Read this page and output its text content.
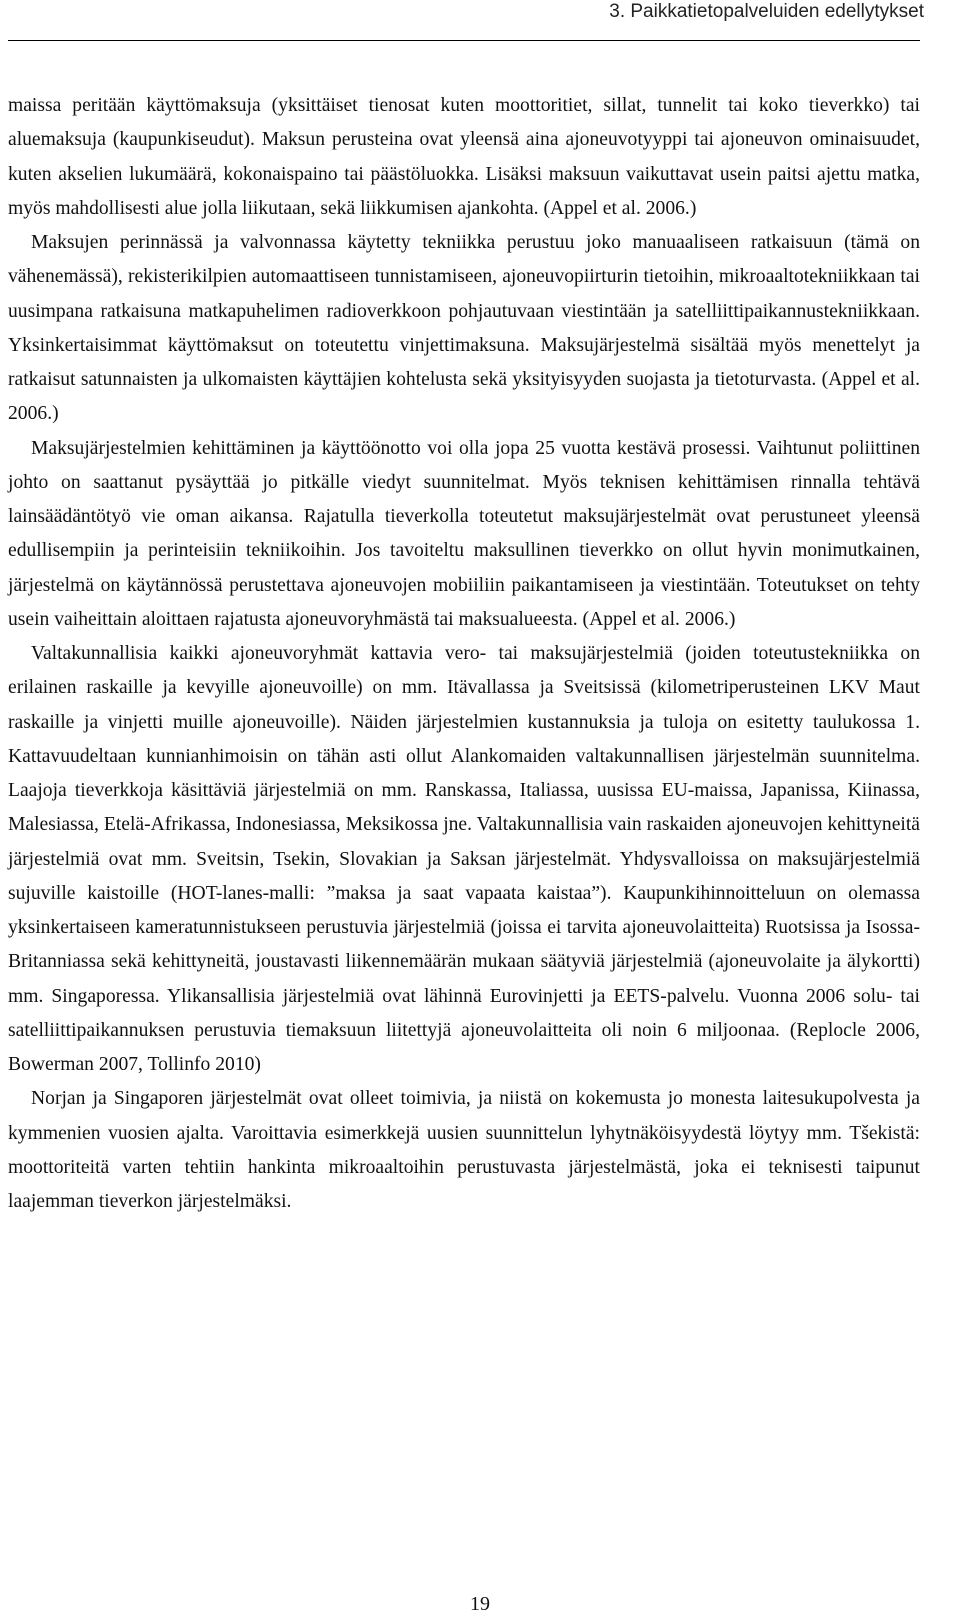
3. Paikkatietopalveluiden edellytykset

maissa peritään käyttömaksuja (yksittäiset tienosat kuten moottoritiet, sillat, tunnelit tai koko tieverkko) tai aluemaksuja (kaupunkiseudut). Maksun perusteina ovat yleensä aina ajoneuvotyyppi tai ajoneuvon ominaisuudet, kuten akselien lukumäärä, kokonaispaino tai päästöluokka. Lisäksi maksuun vaikuttavat usein paitsi ajettu matka, myös mahdollisesti alue jolla liikutaan, sekä liikkumisen ajankohta. (Appel et al. 2006.)

Maksujen perinnässä ja valvonnassa käytetty tekniikka perustuu joko manuaaliseen ratkaisuun (tämä on vähenemässä), rekisterikilpien automaattiseen tunnistamiseen, ajoneuvopiirturin tietoihin, mikroaaltotekniikkaan tai uusimpana ratkaisuna matkapuhelimen radioverkkoon pohjautuvaan viestintään ja satelliittipaikannustekniikkaan. Yksinkertaisimmat käyttömaksut on toteutettu vinjettimaksuna. Maksujärjestelmä sisältää myös menettelyt ja ratkaisut satunnaisten ja ulkomaisten käyttäjien kohtelusta sekä yksityisyyden suojasta ja tietoturvasta. (Appel et al. 2006.)

Maksujärjestelmien kehittäminen ja käyttöönotto voi olla jopa 25 vuotta kestävä prosessi. Vaihtunut poliittinen johto on saattanut pysäyttää jo pitkälle viedyt suunnitelmat. Myös teknisen kehittämisen rinnalla tehtävä lainsäädäntötyö vie oman aikansa. Rajatulla tieverkolla toteutetut maksujärjestelmät ovat perustuneet yleensä edullisempiin ja perinteisiin tekniikoihin. Jos tavoiteltu maksullinen tieverkko on ollut hyvin monimutkainen, järjestelmä on käytännössä perustettava ajoneuvojen mobiiliin paikantamiseen ja viestintään. Toteutukset on tehty usein vaiheittain aloittaen rajatusta ajoneuvoryhmästä tai maksualueesta. (Appel et al. 2006.)

Valtakunnallisia kaikki ajoneuvoryhmät kattavia vero- tai maksujärjestelmiä (joiden toteutustekniikka on erilainen raskaille ja kevyille ajoneuvoille) on mm. Itävallassa ja Sveitsissä (kilometriperusteinen LKV Maut raskaille ja vinjetti muille ajoneuvoille). Näiden järjestelmien kustannuksia ja tuloja on esitetty taulukossa 1. Kattavuudeltaan kunnianhimoisin on tähän asti ollut Alankomaiden valtakunnallisen järjestelmän suunnitelma. Laajoja tieverkkoja käsittäviä järjestelmiä on mm. Ranskassa, Italiassa, uusissa EU-maissa, Japanissa, Kiinassa, Malesiassa, Etelä-Afrikassa, Indonesiassa, Meksikossa jne. Valtakunnallisia vain raskaiden ajoneuvojen kehittyneitä järjestelmiä ovat mm. Sveitsin, Tsekin, Slovakian ja Saksan järjestelmät. Yhdysvalloissa on maksujärjestelmiä sujuville kaistoille (HOT-lanes-malli: ”maksa ja saat vapaata kaistaa”). Kaupunkihinnoitteluun on olemassa yksinkertaiseen kameratunnistukseen perustuvia järjestelmiä (joissa ei tarvita ajoneuvolaitteita) Ruotsissa ja Isossa-Britanniassa sekä kehittyneitä, joustavasti liikennemäärän mukaan säätyviä järjestelmiä (ajoneuvolaite ja älykortti) mm. Singaporessa. Ylikansallisia järjestelmiä ovat lähinnä Eurovinjetti ja EETS-palvelu. Vuonna 2006 solu- tai satelliittipaikannuksen perustuvia tiemaksuun liitettyjä ajoneuvolaitteita oli noin 6 miljoonaa. (Replocle 2006, Bowerman 2007, Tollinfo 2010)

Norjan ja Singaporen järjestelmät ovat olleet toimivia, ja niistä on kokemusta jo monesta laitesukupolvesta ja kymmenien vuosien ajalta. Varoittavia esimerkkejä uusien suunnittelun lyhytnäköisyydestä löytyy mm. Tšekistä: moottoriteitä varten tehtiin hankinta mikroaaltoihin perustuvasta järjestelmästä, joka ei teknisesti taipunut laajemman tieverkon järjestelmäksi.

19
